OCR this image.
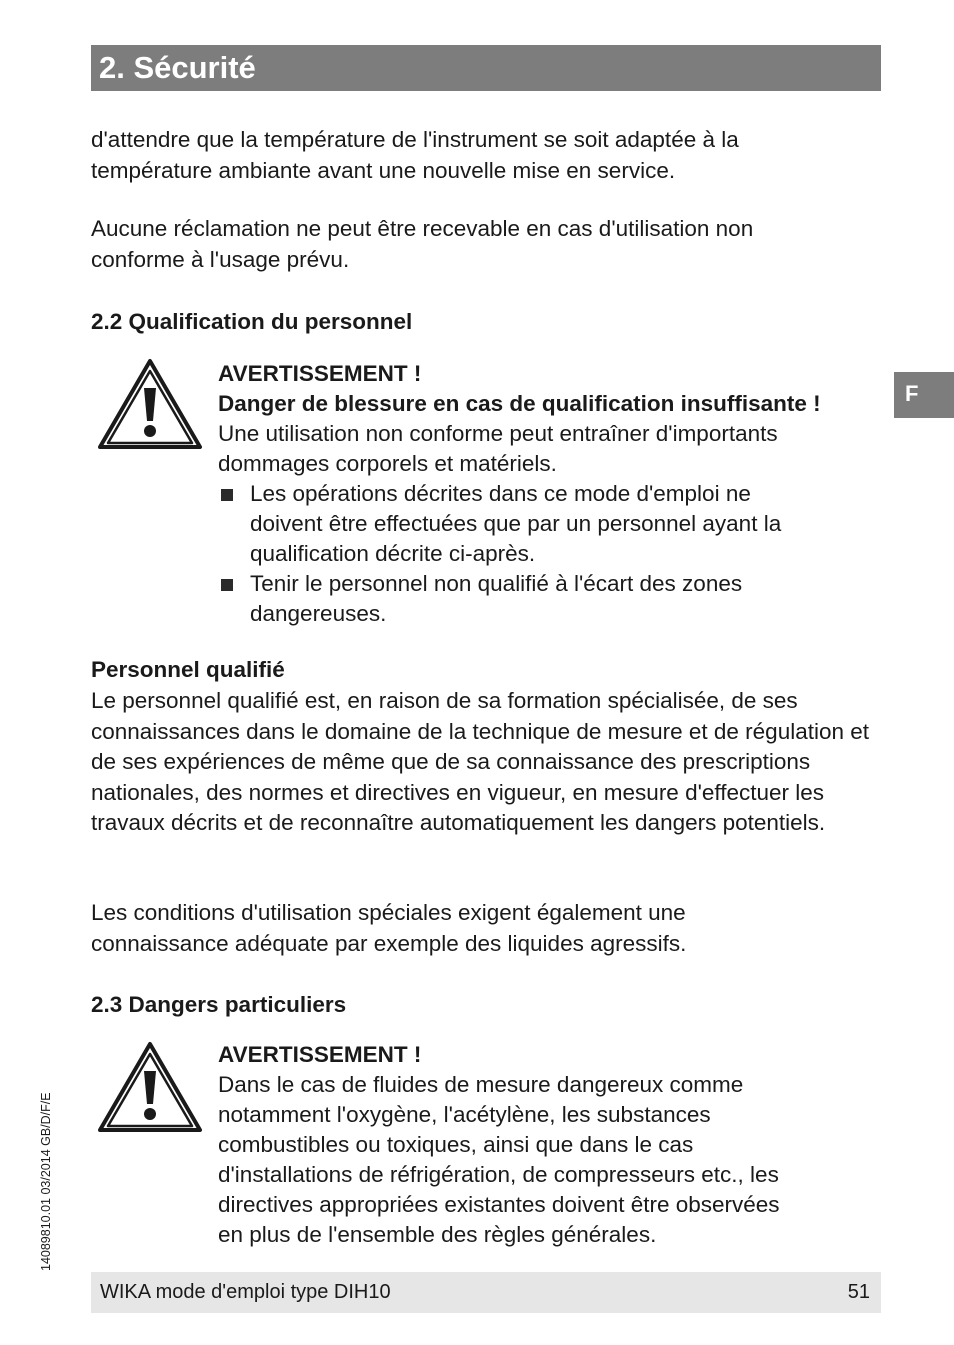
2. Sécurité
F

d'attendre que la température de l'instrument se soit adaptée à la température ambiante avant une nouvelle mise en service.

Aucune réclamation ne peut être recevable en cas d'utilisation non conforme à l'usage prévu.

2.2 Qualification du personnel

AVERTISSEMENT !
Danger de blessure en cas de qualification insuffisante !
Une utilisation non conforme peut entraîner d'importants
dommages corporels et matériels.
Les opérations décrites dans ce mode d'emploi ne
doivent être effectuées que par un personnel ayant la
qualification décrite ci-après.
Tenir le personnel non qualifié à l'écart des zones
dangereuses.

Personnel qualifié

Le personnel qualifié est, en raison de sa formation spécialisée, de ses connaissances dans le domaine de la technique de mesure et de régulation et de ses expériences de même que de sa connaissance des prescriptions nationales, des normes et directives en vigueur, en mesure d'effectuer les travaux décrits et de reconnaître automatiquement les dangers potentiels.

Les conditions d'utilisation spéciales exigent également une connaissance adéquate par exemple des liquides agressifs.

2.3 Dangers particuliers

AVERTISSEMENT !
Dans le cas de fluides de mesure dangereux comme
notamment l'oxygène, l'acétylène, les substances
combustibles ou toxiques, ainsi que dans le cas
d'installations de réfrigération, de compresseurs etc., les
directives appropriées existantes doivent être observées
en plus de l'ensemble des règles générales.
14089810.01 03/2014 GB/D/F/E
WIKA mode d'emploi type DIH10	51
